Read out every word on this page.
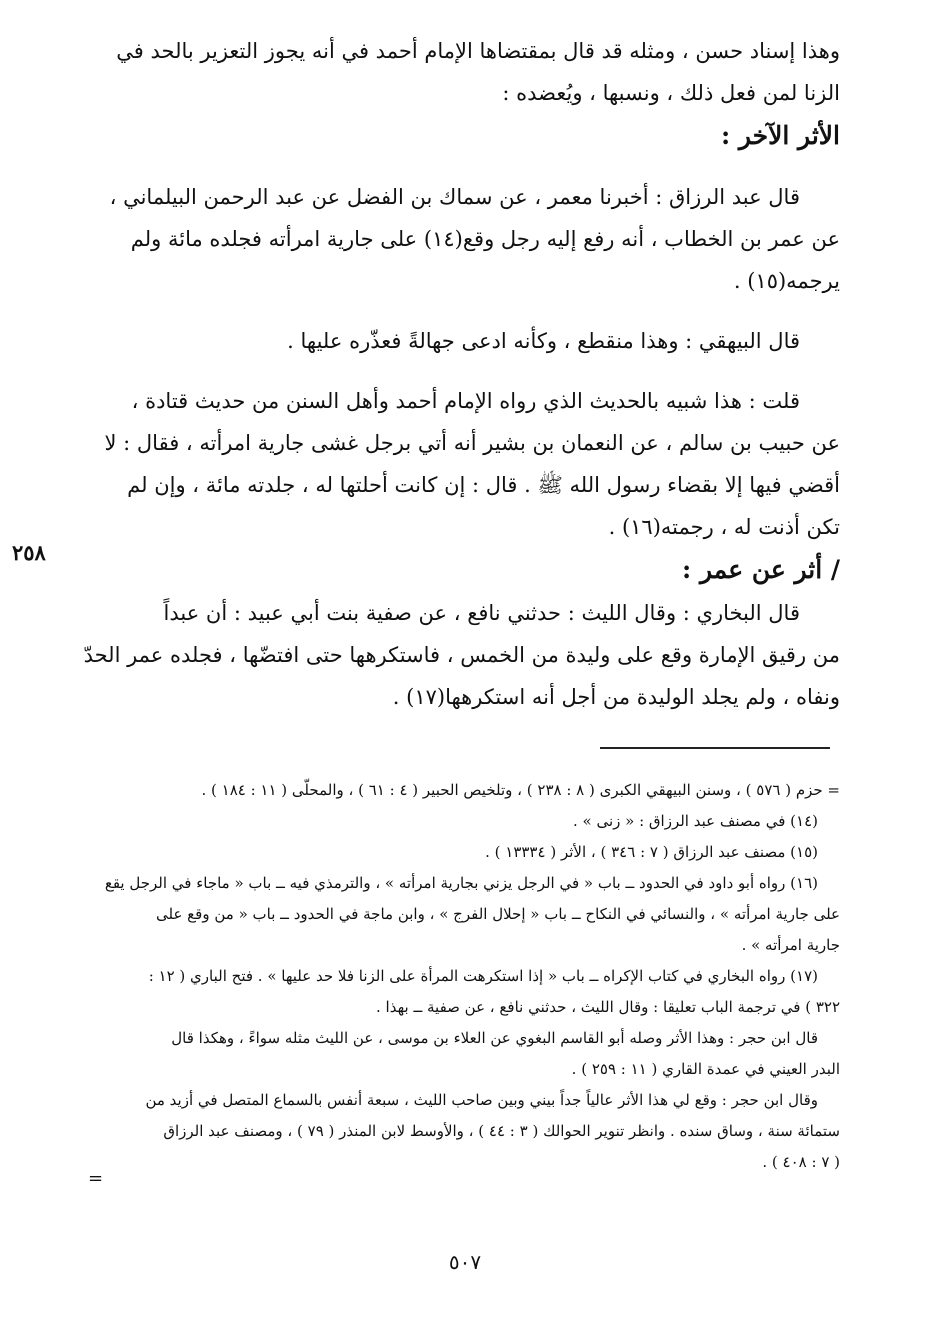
وهذا إسناد حسن ، ومثله قد قال بمقتضاها الإمام أحمد في أنه يجوز التعزير بالحد في
الزنا لمن فعل ذلك ، ونسبها ، ويُعضده :
الأثر الآخر :
قال عبد الرزاق : أخبرنا معمر ، عن سماك بن الفضل عن عبد الرحمن البيلماني ،
عن عمر بن الخطاب ، أنه رفع إليه رجل وقع(١٤) على جارية امرأته فجلده مائة ولم
يرجمه(١٥) .
قال البيهقي : وهذا منقطع ، وكأنه ادعى جهالةً فعذّره عليها .
قلت : هذا شبيه بالحديث الذي رواه الإمام أحمد وأهل السنن من حديث قتادة ،
عن حبيب بن سالم ، عن النعمان بن بشير أنه أتي برجل غشى جارية امرأته ، فقال : لا
أقضي فيها إلا بقضاء رسول الله ﷺ . قال : إن كانت أحلتها له ، جلدته مائة ، وإن لم
تكن أذنت له ، رجمته(١٦) .
/ أثر عن عمر :
قال البخاري : وقال الليث : حدثني نافع ، عن صفية بنت أبي عبيد : أن عبداً
من رقيق الإمارة وقع على وليدة من الخمس ، فاستكرهها حتى افتضّها ، فجلده عمر الحدّ
ونفاه ، ولم يجلد الوليدة من أجل أنه استكرهها(١٧) .
٢٥٨
= حزم ( ٥٧٦ ) ، وسنن البيهقي الكبرى ( ٨ : ٢٣٨ ) ، وتلخيص الحبير ( ٤ : ٦١ ) ، والمحلّى ( ١١ : ١٨٤ ) .
(١٤) في مصنف عبد الرزاق : « زنى » .
(١٥) مصنف عبد الرزاق ( ٧ : ٣٤٦ ) ، الأثر ( ١٣٣٣٤ ) .
(١٦) رواه أبو داود في الحدود ــ باب « في الرجل يزني بجارية امرأته » ، والترمذي فيه ــ باب « ماجاء في الرجل يقع
على جارية امرأته » ، والنسائي في النكاح ــ باب « إحلال الفرج » ، وابن ماجة في الحدود ــ باب « من وقع على
جارية امرأته » .
(١٧) رواه البخاري في كتاب الإكراه ــ باب « إذا استكرهت المرأة على الزنا فلا حد عليها » . فتح الباري ( ١٢ :
٣٢٢ ) في ترجمة الباب تعليقا : وقال الليث ، حدثني نافع ، عن صفية ــ بهذا .
قال ابن حجر : وهذا الأثر وصله أبو القاسم البغوي عن العلاء بن موسى ، عن الليث مثله سواءً ، وهكذا قال
البدر العيني في عمدة القاري ( ١١ : ٢٥٩ ) .
وقال ابن حجر : وقع لي هذا الأثر عالياً جداً بيني وبين صاحب الليث ، سبعة أنفس بالسماع المتصل في أزيد من
ستمائة سنة ، وساق سنده . وانظر تنوير الحوالك ( ٣ : ٤٤ ) ، والأوسط لابن المنذر ( ٧٩ ) ، ومصنف عبد الرزاق
( ٧ : ٤٠٨ ) .
=
٥٠٧
